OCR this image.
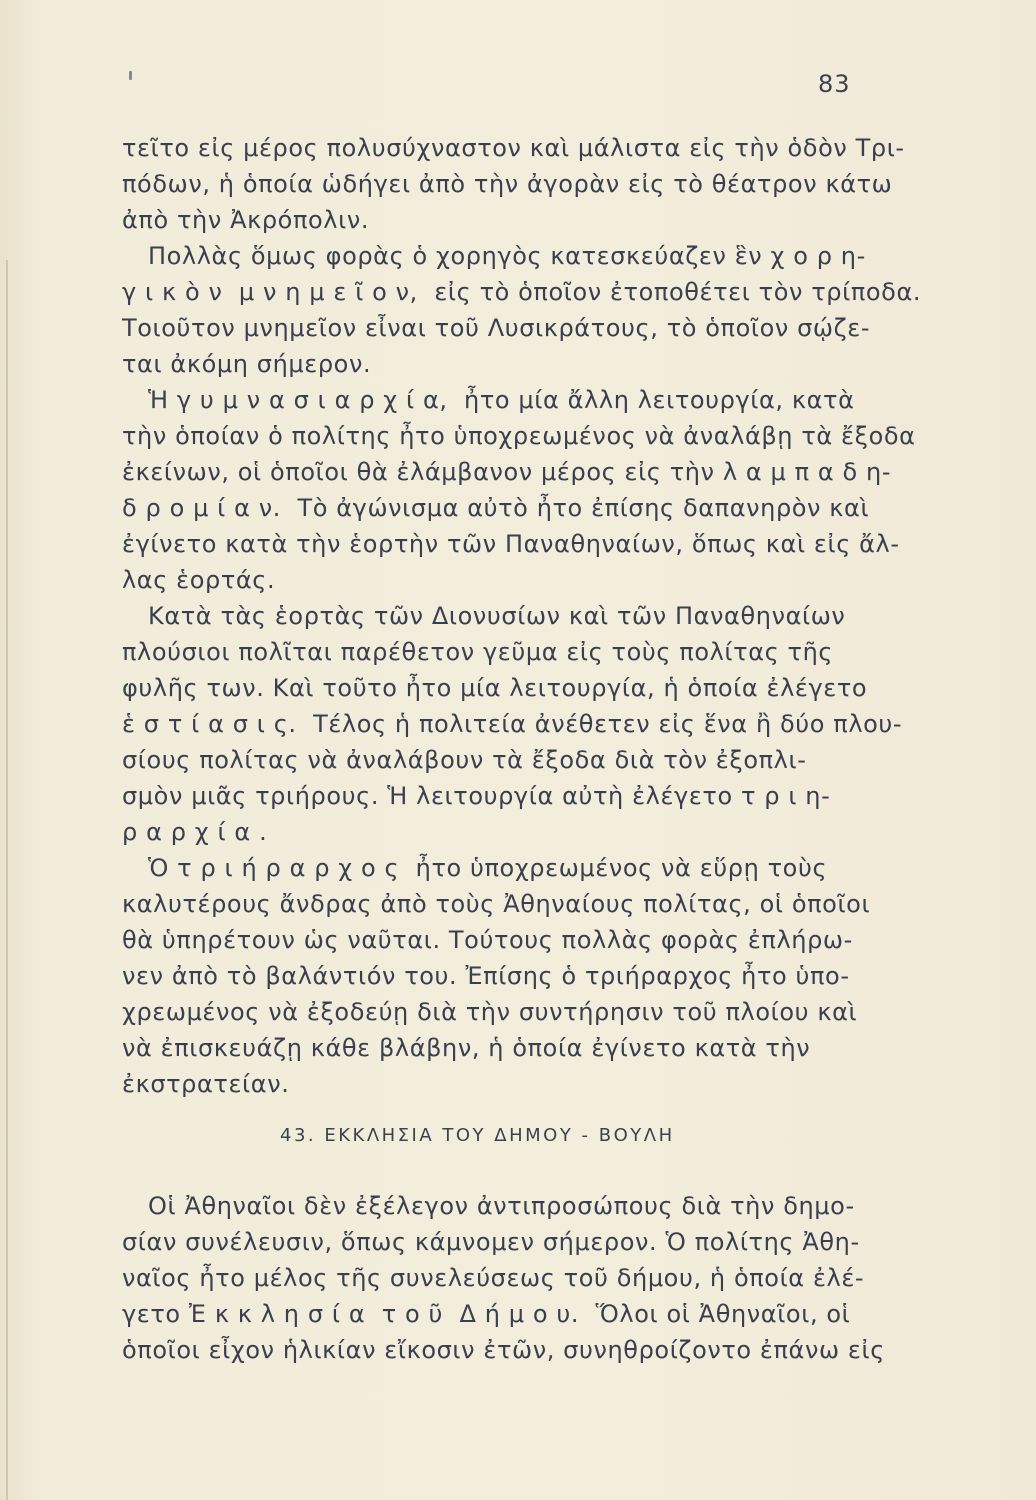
83
τεῖτο εἰς μέρος πολυσύχναστον καὶ μάλιστα εἰς τὴν ὁδὸν Τρι-
πόδων, ἡ ὁποία ὡδήγει ἀπὸ τὴν ἀγορὰν εἰς τὸ θέατρον κάτω
ἀπὸ τὴν Ἀκρόπολιν.
Πολλὰς ὅμως φορὰς ὁ χορηγὸς κατεσκεύαζεν ἓν χ ο ρ η-
γ ι κ ὸ ν  μ ν η μ ε ῖ ο ν,  εἰς τὸ ὁποῖον ἐτοποθέτει τὸν τρίποδα.
Τοιοῦτον μνημεῖον εἶναι τοῦ Λυσικράτους, τὸ ὁποῖον σῴζε-
ται ἀκόμη σήμερον.
Ἡ γ υ μ ν α σ ι α ρ χ ί α,  ἦτο μία ἄλλη λειτουργία, κατὰ
τὴν ὁποίαν ὁ πολίτης ἦτο ὑποχρεωμένος νὰ ἀναλάβῃ τὰ ἔξοδα
ἐκείνων, οἱ ὁποῖοι θὰ ἐλάμβανον μέρος εἰς τὴν λ α μ π α δ η-
δ ρ ο μ ί α ν.  Τὸ ἀγώνισμα αὐτὸ ἦτο ἐπίσης δαπανηρὸν καὶ
ἐγίνετο κατὰ τὴν ἑορτὴν τῶν Παναθηναίων, ὅπως καὶ εἰς ἄλ-
λας ἑορτάς.
Κατὰ τὰς ἑορτὰς τῶν Διονυσίων καὶ τῶν Παναθηναίων
πλούσιοι πολῖται παρέθετον γεῦμα εἰς τοὺς πολίτας τῆς
φυλῆς των. Καὶ τοῦτο ἦτο μία λειτουργία, ἡ ὁποία ἐλέγετο
ἑ σ τ ί α σ ι ς.  Τέλος ἡ πολιτεία ἀνέθετεν εἰς ἕνα ἢ δύο πλου-
σίους πολίτας νὰ ἀναλάβουν τὰ ἔξοδα διὰ τὸν ἐξοπλι-
σμὸν μιᾶς τριήρους. Ἡ λειτουργία αὐτὴ ἐλέγετο τ ρ ι η-
ρ α ρ χ ί α .
Ὁ τ ρ ι ή ρ α ρ χ ο ς  ἦτο ὑποχρεωμένος νὰ εὕρῃ τοὺς
καλυτέρους ἄνδρας ἀπὸ τοὺς Ἀθηναίους πολίτας, οἱ ὁποῖοι
θὰ ὑπηρέτουν ὡς ναῦται. Τούτους πολλὰς φορὰς ἐπλήρω-
νεν ἀπὸ τὸ βαλάντιόν του. Ἐπίσης ὁ τριήραρχος ἦτο ὑπο-
χρεωμένος νὰ ἐξοδεύῃ διὰ τὴν συντήρησιν τοῦ πλοίου καὶ
νὰ ἐπισκευάζῃ κάθε βλάβην, ἡ ὁποία ἐγίνετο κατὰ τὴν
ἐκστρατείαν.
43. ΕΚΚΛΗΣΙΑ ΤΟΥ ΔΗΜΟΥ - ΒΟΥΛΗ
Οἱ Ἀθηναῖοι δὲν ἐξέλεγον ἀντιπροσώπους διὰ τὴν δημο-
σίαν συνέλευσιν, ὅπως κάμνομεν σήμερον. Ὁ πολίτης Ἀθη-
ναῖος ἦτο μέλος τῆς συνελεύσεως τοῦ δήμου, ἡ ὁποία ἐλέ-
γετο Ἐ κ κ λ η σ ί α  τ ο ῦ  Δ ή μ ο υ.  Ὅλοι οἱ Ἀθηναῖοι, οἱ
ὁποῖοι εἶχον ἡλικίαν εἴκοσιν ἐτῶν, συνηθροίζοντο ἐπάνω εἰς
